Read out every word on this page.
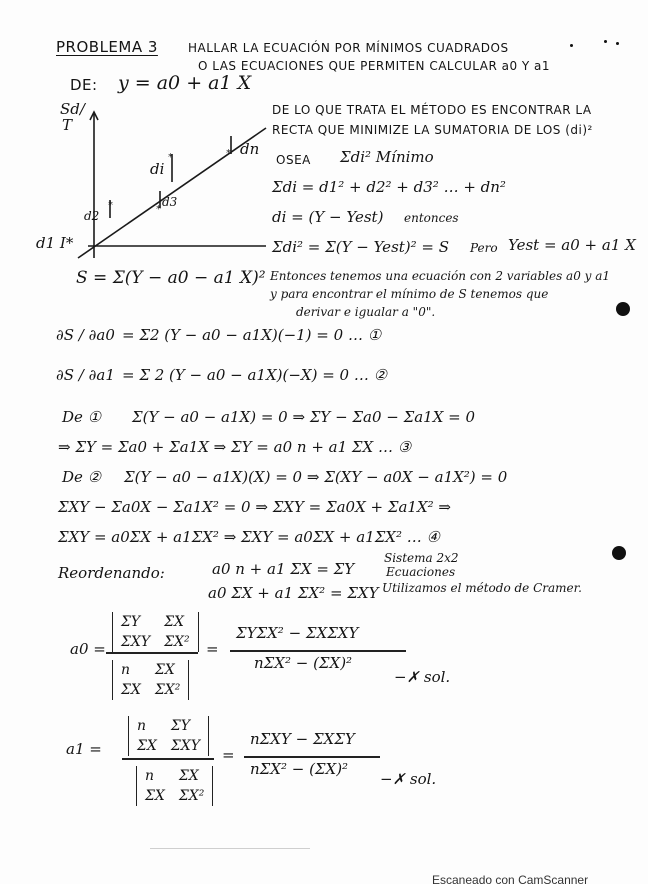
PROBLEMA 3	HALLAR LA ECUACIÓN POR MÍNIMOS CUADRADOS
O LAS ECUACIONES QUE PERMITEN CALCULAR a0 Y a1
DE: y = a0 + a1 X
*	*
*	*
Sd/
T
di
d3
d2
dn
d1 I*
DE LO QUE TRATA EL MÉTODO ES ENCONTRAR LA
RECTA QUE MINIMIZE LA SUMATORIA DE LOS (di)²
OSEA Σdi² Mínimo
Σdi = d1² + d2² + d3² … + dn²
di = (Y − Yest) entonces
Σdi² = Σ(Y − Yest)² = S Pero Yest = a0 + a1 X
S = Σ(Y − a0 − a1 X)² Entonces tenemos una ecuación con 2 variables a0 y a1
y para encontrar el mínimo de S tenemos que
derivar e igualar a "0".
∂S / ∂a0 = Σ2 (Y − a0 − a1X)(−1) = 0 … ①
∂S / ∂a1 = Σ 2 (Y − a0 − a1X)(−X) = 0 … ②
De ① Σ(Y − a0 − a1X) = 0 ⇒ ΣY − Σa0 − Σa1X = 0
⇒ ΣY = Σa0 + Σa1X ⇒ ΣY = a0 n + a1 ΣX … ③
De ② Σ(Y − a0 − a1X)(X) = 0 ⇒ Σ(XY − a0X − a1X²) = 0
ΣXY − Σa0X − Σa1X² = 0 ⇒ ΣXY = Σa0X + Σa1X² ⇒
ΣXY = a0ΣX + a1ΣX² ⇒ ΣXY = a0ΣX + a1ΣX² … ④
Reordenando:	a0 n + a1 ΣX = ΣY
a0 ΣX + a1 ΣX² = ΣXY
Sistema 2x2
Ecuaciones
Utilizamos el método de Cramer.
a0 =
ΣY	ΣX
ΣXY ΣX²
n	ΣX
ΣX ΣX²
=
ΣYΣX² − ΣXΣXY
nΣX² − (ΣX)²
−✗ sol.
a1 =
n	ΣY
ΣX ΣXY
n	ΣX
ΣX ΣX²
=
nΣXY − ΣXΣY
nΣX² − (ΣX)²
−✗ sol.
Escaneado con CamScanner
